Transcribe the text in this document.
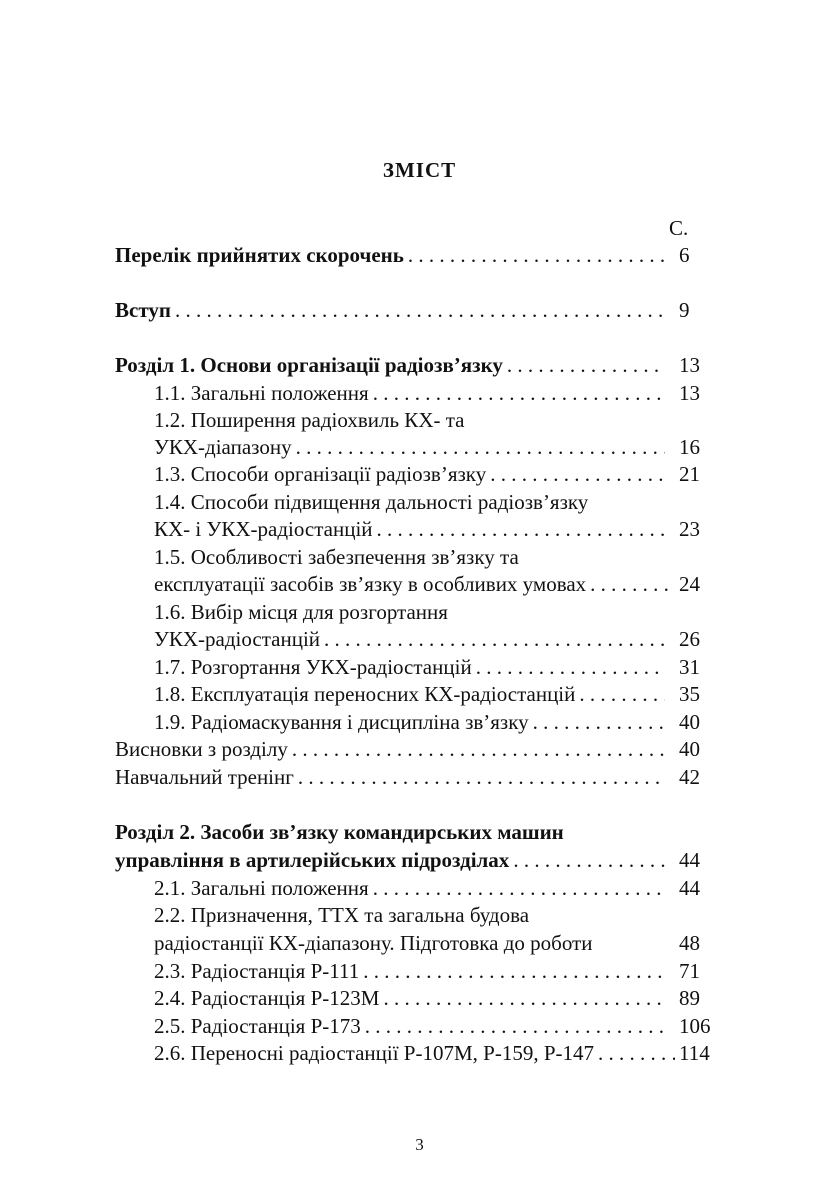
ЗМІСТ
С.
Перелік прийнятих скорочень . . .	6
Вступ . . .	9
Розділ 1. Основи організації радіозв’язку . . .	13
1.1. Загальні положення . . .	13
1.2. Поширення радіохвиль КХ- та
УКХ-діапазону . . .	16
1.3. Способи організації радіозв’язку . . .	21
1.4. Способи підвищення дальності радіозв’язку
КХ- і УКХ-радіостанцій . . .	23
1.5. Особливості забезпечення зв’язку та
експлуатації засобів зв’язку в особливих умовах . . .	24
1.6. Вибір місця для розгортання
УКХ-радіостанцій . . .	26
1.7. Розгортання УКХ-радіостанцій . . .	31
1.8. Експлуатація переносних КХ-радіостанцій . . .	35
1.9. Радіомаскування і дисципліна зв’язку . . .	40
Висновки з розділу . . .	40
Навчальний тренінг . . .	42
Розділ 2. Засоби зв’язку командирських машин
управління в артилерійських підрозділах . . .	44
2.1. Загальні положення . . .	44
2.2. Призначення, ТТХ та загальна будова
радіостанції КХ-діапазону. Підготовка до роботи	48
2.3. Радіостанція Р-111 . . .	71
2.4. Радіостанція Р-123М . . .	89
2.5. Радіостанція Р-173 . . .	106
2.6. Переносні радіостанції Р-107М, Р-159, Р-147 . . .	114
3
